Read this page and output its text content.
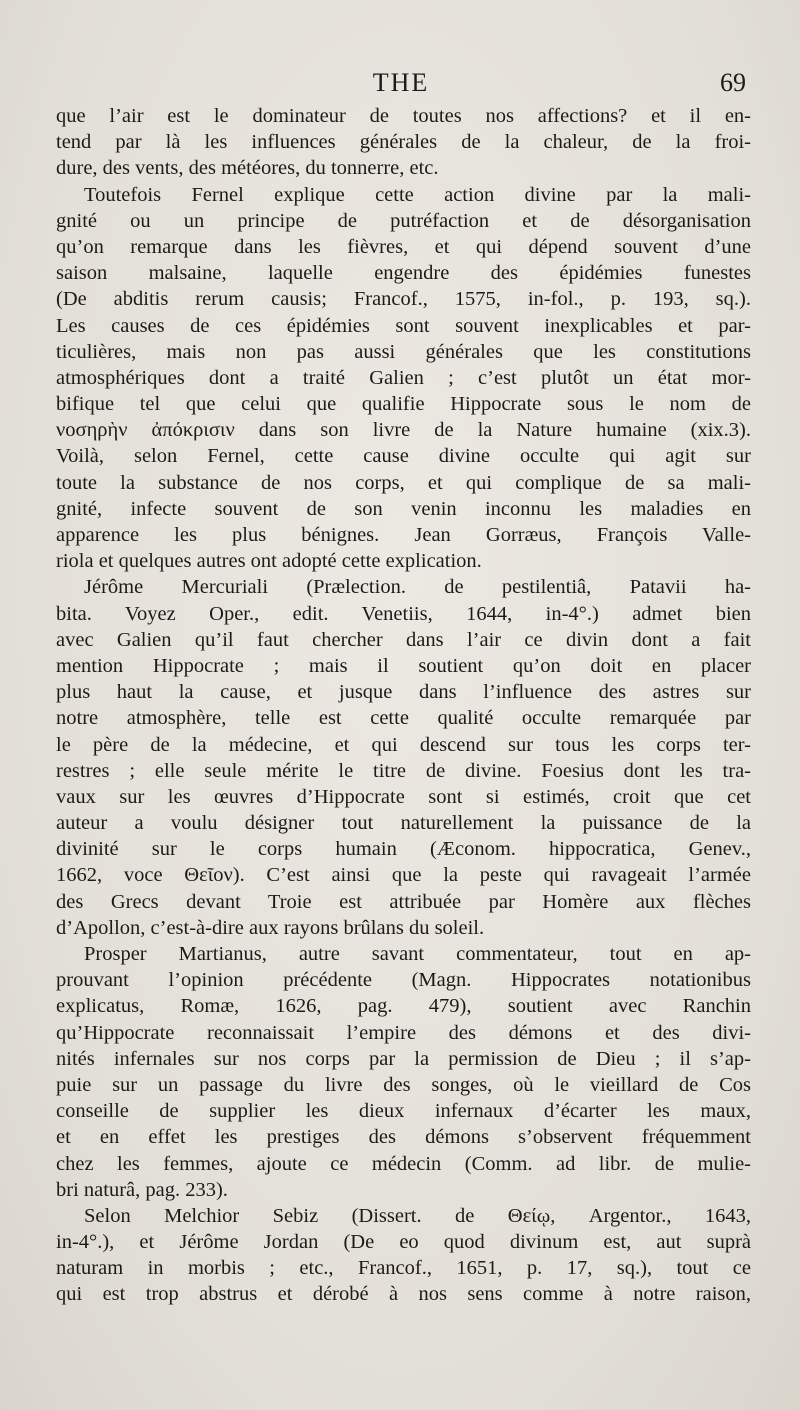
THE	69
que l’air est le dominateur de toutes nos affections? et il en-
tend par là les influences générales de la chaleur, de la froi-
dure, des vents, des météores, du tonnerre, etc.
Toutefois Fernel explique cette action divine par la mali-
gnité ou un principe de putréfaction et de désorganisation
qu’on remarque dans les fièvres, et qui dépend souvent d’une
saison malsaine, laquelle engendre des épidémies funestes
(De abditis rerum causis; Francof., 1575, in-fol., p. 193, sq.).
Les causes de ces épidémies sont souvent inexplicables et par-
ticulières, mais non pas aussi générales que les constitutions
atmosphériques dont a traité Galien ; c’est plutôt un état mor-
bifique tel que celui que qualifie Hippocrate sous le nom de
νοσηρὴν ἀπόκρισιν dans son livre de la Nature humaine (xix.3).
Voilà, selon Fernel, cette cause divine occulte qui agit sur
toute la substance de nos corps, et qui complique de sa mali-
gnité, infecte souvent de son venin inconnu les maladies en
apparence les plus bénignes. Jean Gorræus, François Valle-
riola et quelques autres ont adopté cette explication.
Jérôme Mercuriali (Prælection. de pestilentiâ, Patavii ha-
bita. Voyez Oper., edit. Venetiis, 1644, in-4°.) admet bien
avec Galien qu’il faut chercher dans l’air ce divin dont a fait
mention Hippocrate ; mais il soutient qu’on doit en placer
plus haut la cause, et jusque dans l’influence des astres sur
notre atmosphère, telle est cette qualité occulte remarquée par
le père de la médecine, et qui descend sur tous les corps ter-
restres ; elle seule mérite le titre de divine. Foesius dont les tra-
vaux sur les œuvres d’Hippocrate sont si estimés, croit que cet
auteur a voulu désigner tout naturellement la puissance de la
divinité sur le corps humain (Æconom. hippocratica, Genev.,
1662, voce Θεῖον). C’est ainsi que la peste qui ravageait l’armée
des Grecs devant Troie est attribuée par Homère aux flèches
d’Apollon, c’est-à-dire aux rayons brûlans du soleil.
Prosper Martianus, autre savant commentateur, tout en ap-
prouvant l’opinion précédente (Magn. Hippocrates notationibus
explicatus, Romæ, 1626, pag. 479), soutient avec Ranchin
qu’Hippocrate reconnaissait l’empire des démons et des divi-
nités infernales sur nos corps par la permission de Dieu ; il s’ap-
puie sur un passage du livre des songes, où le vieillard de Cos
conseille de supplier les dieux infernaux d’écarter les maux,
et en effet les prestiges des démons s’observent fréquemment
chez les femmes, ajoute ce médecin (Comm. ad libr. de mulie-
bri naturâ, pag. 233).
Selon Melchior Sebiz (Dissert. de Θείῳ, Argentor., 1643,
in-4°.), et Jérôme Jordan (De eo quod divinum est, aut suprà
naturam in morbis ; etc., Francof., 1651, p. 17, sq.), tout ce
qui est trop abstrus et dérobé à nos sens comme à notre raison,
